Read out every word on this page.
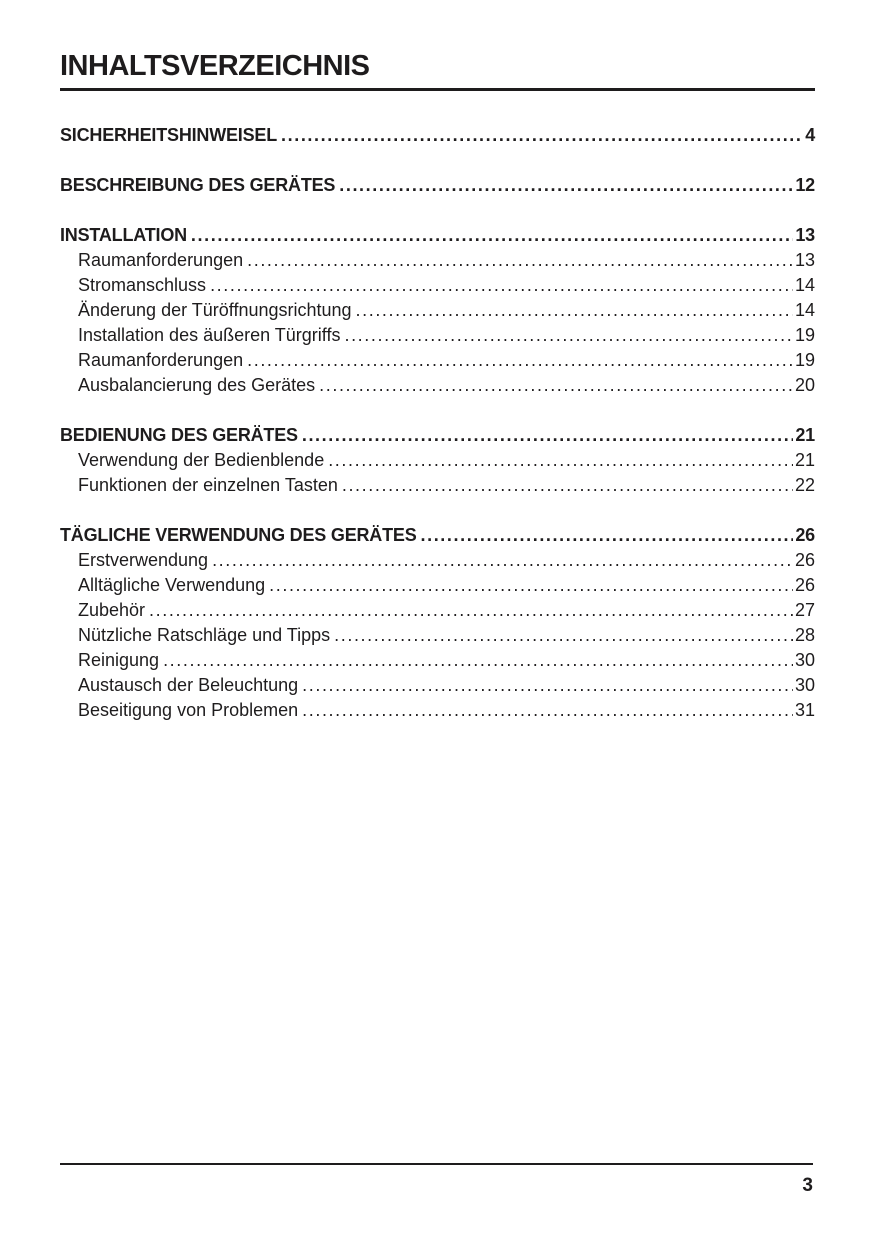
INHALTSVERZEICHNIS
SICHERHEITSHINWEISEL .....	4
BESCHREIBUNG DES GERÄTES .....	12
INSTALLATION .....	13
Raumanforderungen .....	13
Stromanschluss .....	14
Änderung der Türöffnungsrichtung .....	14
Installation des äußeren Türgriffs .....	19
Raumanforderungen .....	19
Ausbalancierung des Gerätes .....	20
BEDIENUNG DES GERÄTES .....	21
Verwendung der Bedienblende .....	21
Funktionen der einzelnen Tasten .....	22
TÄGLICHE VERWENDUNG DES GERÄTES .....	26
Erstverwendung .....	26
Alltägliche Verwendung .....	26
Zubehör .....	27
Nützliche Ratschläge und Tipps .....	28
Reinigung .....	30
Austausch der Beleuchtung .....	30
Beseitigung von Problemen .....	31
3
